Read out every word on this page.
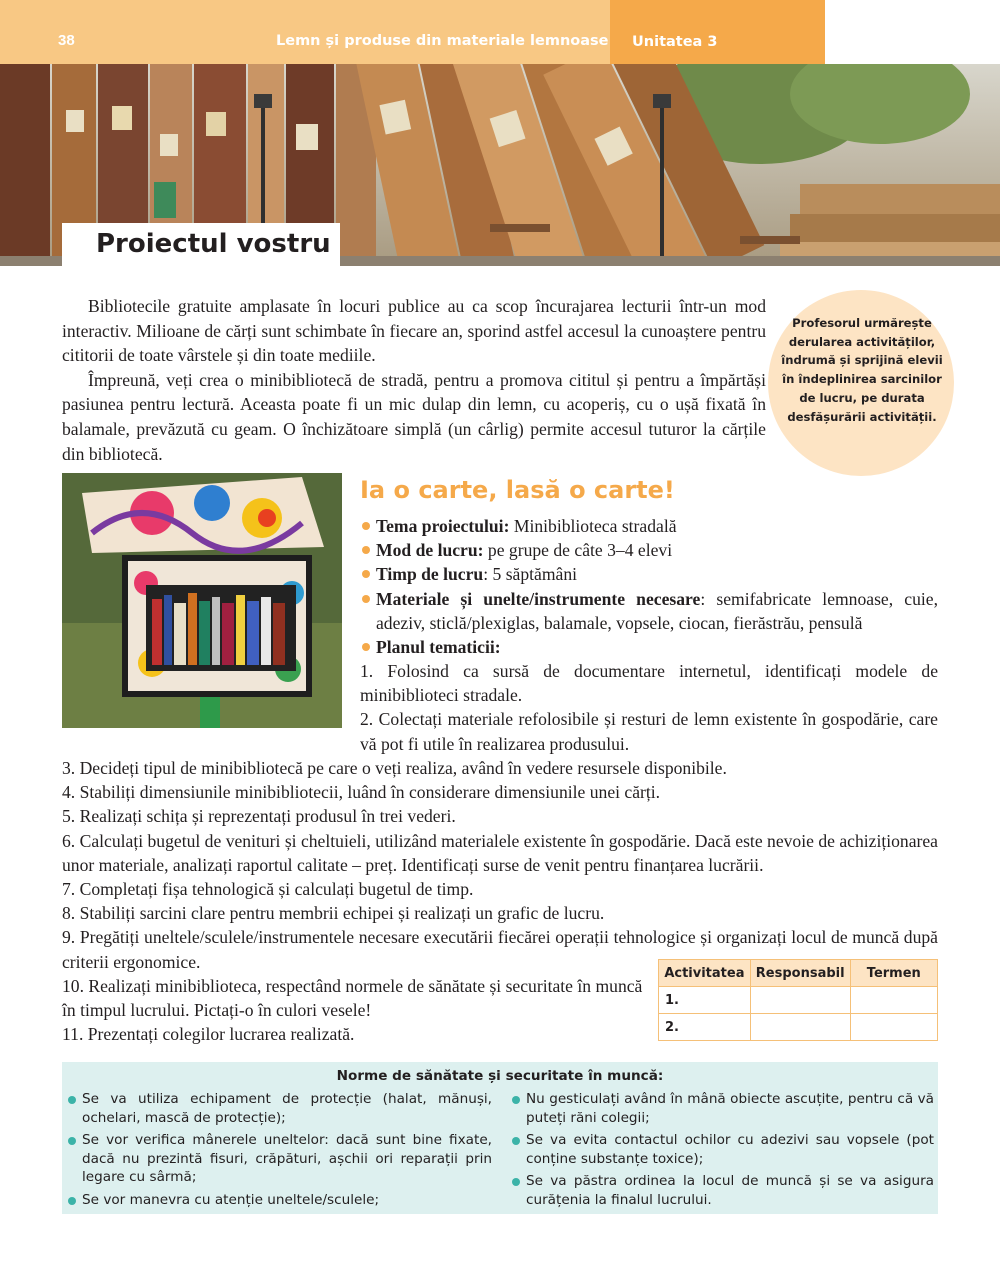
38	Lemn și produse din materiale lemnoase Unitatea 3
Proiectul vostru

Bibliotecile gratuite amplasate în locuri publice au ca scop încurajarea lecturii într-un mod interactiv. Milioane de cărți sunt schimbate în fiecare an, sporind astfel accesul la cunoaștere pentru cititorii de toate vârstele și din toate mediile.

Împreună, veți crea o minibibliotecă de stradă, pentru a promova cititul și pentru a împărtăși pasiunea pentru lectură. Aceasta poate fi un mic dulap din lemn, cu acoperiș, cu o ușă fixată în balamale, prevăzută cu geam. O închizătoare simplă (un cârlig) permite accesul tuturor la cărțile din bibliotecă.

Profesorul urmărește derularea activităților, îndrumă și sprijină elevii în îndeplinirea sarcinilor de lucru, pe durata desfășurării activității.
Ia o carte, lasă o carte!
Tema proiectului: Minibiblioteca stradală
Mod de lucru: pe grupe de câte 3–4 elevi
Timp de lucru: 5 săptămâni
Materiale și unelte/instrumente necesare: semifabricate lemnoase, cuie, adeziv, sticlă/plexiglas, balamale, vopsele, ciocan, fierăstrău, pensulă
Planul tematicii:
1. Folosind ca sursă de documentare internetul, identificați modele de minibiblioteci stradale.
2. Colectați materiale refolosibile și resturi de lemn existente în gospodărie, care vă pot fi utile în realizarea produsului.
3. Decideți tipul de minibibliotecă pe care o veți realiza, având în vedere resursele disponibile.
4. Stabiliți dimensiunile minibibliotecii, luând în considerare dimensiunile unei cărți.
5. Realizați schița și reprezentați produsul în trei vederi.
6. Calculați bugetul de venituri și cheltuieli, utilizând materialele existente în gospodărie. Dacă este nevoie de achiziționarea unor materiale, analizați raportul calitate – preț. Identificați surse de venit pentru finanțarea lucrării.
7. Completați fișa tehnologică și calculați bugetul de timp.
8. Stabiliți sarcini clare pentru membrii echipei și realizați un grafic de lucru.
9. Pregătiți uneltele/sculele/instrumentele necesare executării fiecărei operații tehnologice și organizați locul de muncă după criterii ergonomice.
10. Realizați minibiblioteca, respectând normele de sănătate și securitate în muncă în timpul lucrului. Pictați-o în culori vesele!
11. Prezentați colegilor lucrarea realizată.
Activitatea	Responsabil	Termen
1.		
2.		
Norme de sănătate și securitate în muncă:
Se va utiliza echipament de protecție (halat, mănuși, ochelari, mască de protecție);
Se vor verifica mânerele uneltelor: dacă sunt bine fixate, dacă nu prezintă fisuri, crăpături, așchii ori reparații prin legare cu sârmă;
Se vor manevra cu atenție uneltele/sculele;
Nu gesticulați având în mână obiecte ascuțite, pentru că vă puteți răni colegii;
Se va evita contactul ochilor cu adezivi sau vopsele (pot conține substanțe toxice);
Se va păstra ordinea la locul de muncă și se va asigura curățenia la finalul lucrului.
